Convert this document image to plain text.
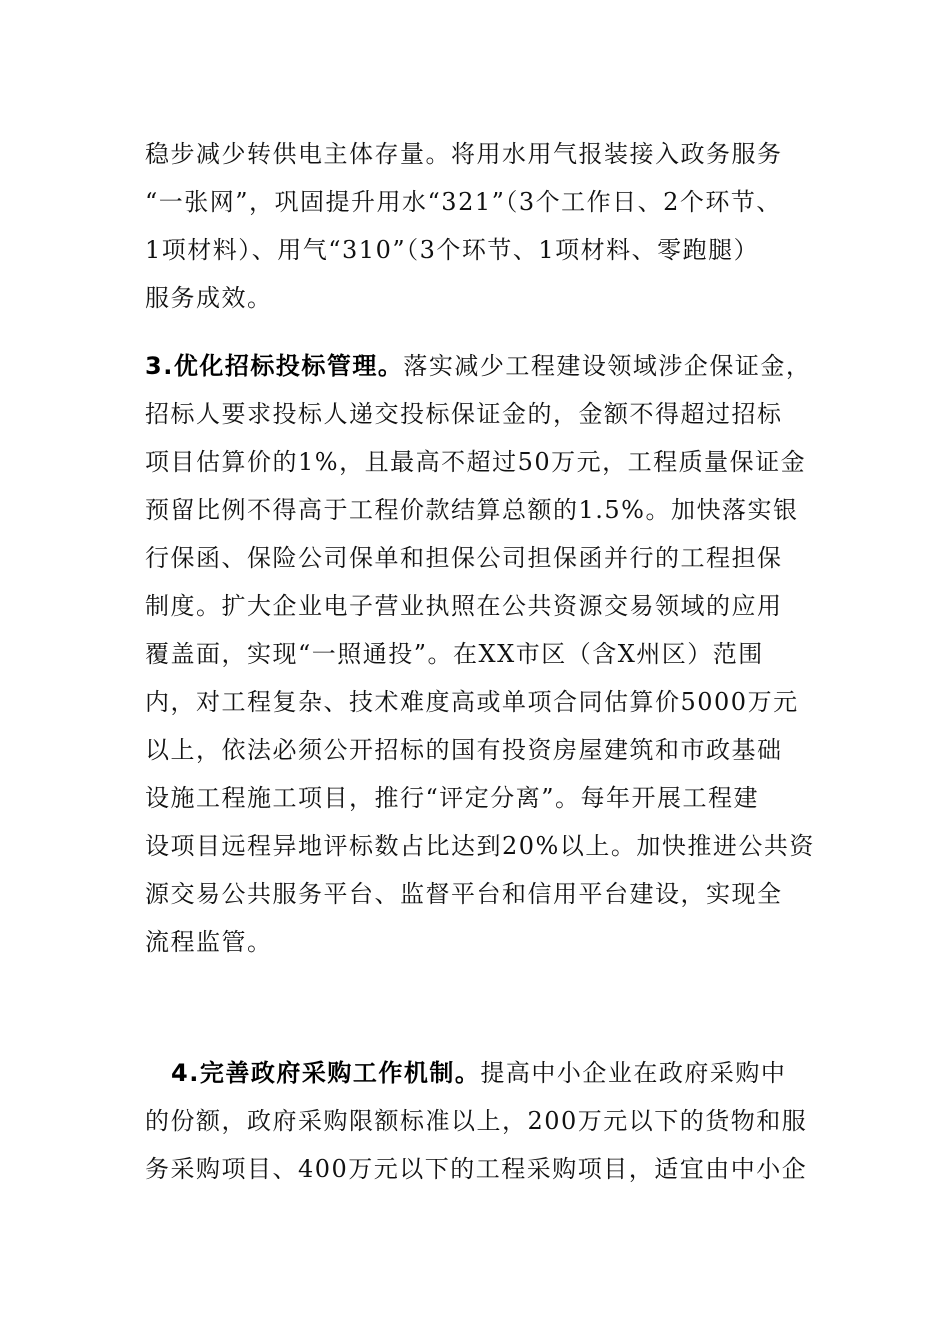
稳步减少转供电主体存量。将用水用气报装接入政务服务
“一张网”，巩固提升用水“321”（3个工作日、2个环节、
1项材料）、用气“310”（3个环节、1项材料、零跑腿）
服务成效。
3.优化招标投标管理。落实减少工程建设领域涉企保证金，
招标人要求投标人递交投标保证金的，金额不得超过招标
项目估算价的1%，且最高不超过50万元，工程质量保证金
预留比例不得高于工程价款结算总额的1.5%。加快落实银
行保函、保险公司保单和担保公司担保函并行的工程担保
制度。扩大企业电子营业执照在公共资源交易领域的应用
覆盖面，实现“一照通投”。在XX市区（含X州区）范围
内，对工程复杂、技术难度高或单项合同估算价5000万元
以上，依法必须公开招标的国有投资房屋建筑和市政基础
设施工程施工项目，推行“评定分离”。每年开展工程建
设项目远程异地评标数占比达到20%以上。加快推进公共资
源交易公共服务平台、监督平台和信用平台建设，实现全
流程监管。
4.完善政府采购工作机制。提高中小企业在政府采购中
的份额，政府采购限额标准以上，200万元以下的货物和服
务采购项目、400万元以下的工程采购项目，适宜由中小企
